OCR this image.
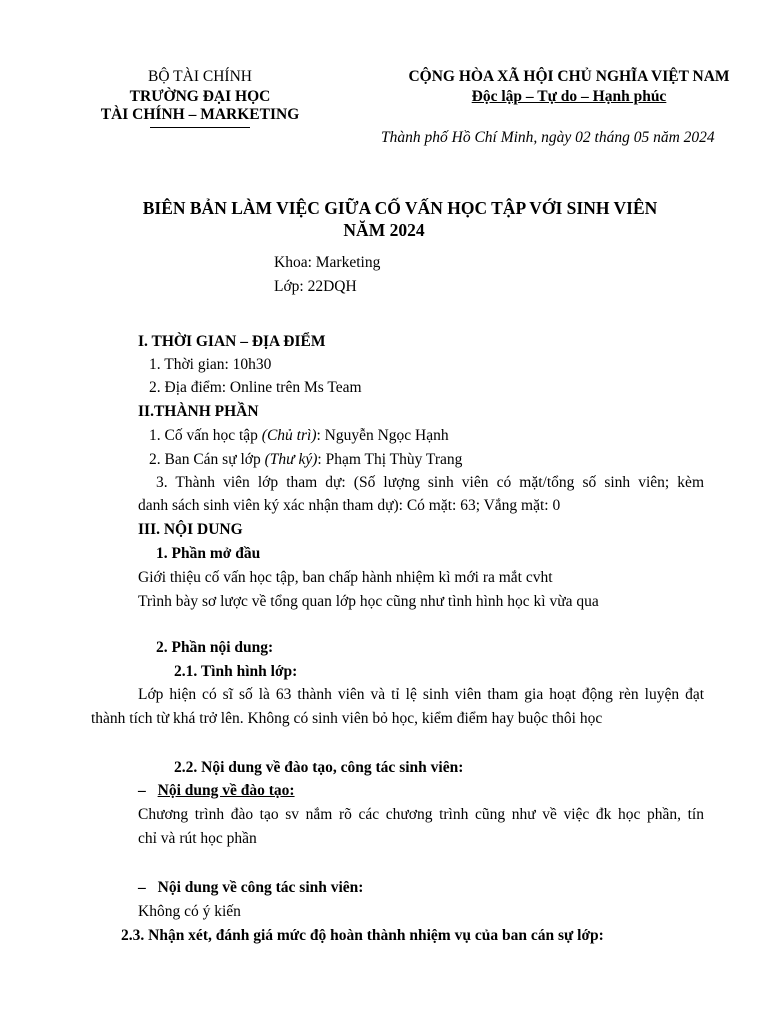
BỘ TÀI CHÍNH
TRƯỜNG ĐẠI HỌC
TÀI CHÍNH – MARKETING
CỘNG HÒA XÃ HỘI CHỦ NGHĨA VIỆT NAM
Độc lập – Tự do – Hạnh phúc
Thành phố Hồ Chí Minh, ngày 02 tháng 05 năm 2024
BIÊN BẢN LÀM VIỆC GIỮA CỐ VẤN HỌC TẬP VỚI SINH VIÊN
NĂM 2024
Khoa: Marketing
Lớp: 22DQH
I. THỜI GIAN – ĐỊA ĐIỂM
1. Thời gian: 10h30
2. Địa điểm: Online trên Ms Team
II.THÀNH PHẦN
1. Cố vấn học tập (Chủ trì): Nguyễn Ngọc Hạnh
2. Ban Cán sự lớp (Thư ký): Phạm Thị Thùy Trang
3. Thành viên lớp tham dự: (Số lượng sinh viên có mặt/tổng số sinh viên; kèm
danh sách sinh viên ký xác nhận tham dự): Có mặt: 63; Vắng mặt: 0
III. NỘI DUNG
1. Phần mở đầu
Giới thiệu cố vấn học tập, ban chấp hành nhiệm kì mới ra mắt cvht
Trình bày sơ lược về tổng quan lớp học cũng như tình hình học kì vừa qua
2. Phần nội dung:
2.1. Tình hình lớp:
Lớp hiện có sĩ số là 63 thành viên và tỉ lệ sinh viên tham gia hoạt động rèn luyện đạt
thành tích từ khá trở lên. Không có sinh viên bỏ học, kiểm điểm hay buộc thôi học
2.2. Nội dung về đào tạo, công tác sinh viên:
– Nội dung về đào tạo:
Chương trình đào tạo sv nắm rõ các chương trình cũng như về việc đk học phần, tín
chỉ và rút học phần
– Nội dung về công tác sinh viên:
Không có ý kiến
2.3. Nhận xét, đánh giá mức độ hoàn thành nhiệm vụ của ban cán sự lớp:
